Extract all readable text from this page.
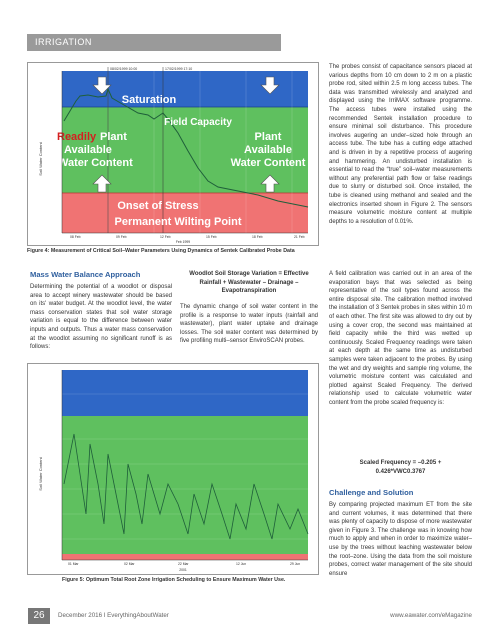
IRRIGATION
08/02/1999 10:00	17/02/1999 17:10
Saturation
Field Capacity
Readily Plant
Available
Water Content
Plant
Available
Water Content
Onset of Stress
Permanent Wilting Point
Soil Water Content
08 Feb	09 Feb	12 Feb	15 Feb	18 Feb	21 Feb
Feb 1999
Figure 4: Measurement of Critical Soil–Water Parameters Using Dynamics of Sentek Calibrated Probe Data
Mass Water Balance Approach
Determining the potential of a woodlot or disposal area to accept winery wastewater should be based on its' water budget. At the woodlot level, the water mass conservation states that soil water storage variation is equal to the difference between water inputs and outputs. Thus a water mass conservation at the woodlot assuming no significant runoff is as follows:
Woodlot Soil Storage Variation = Effective Rainfall + Wastewater – Drainage – Evapotranspiration
The dynamic change of soil water content in the profile is a response to water inputs (rainfall and wastewater), plant water uptake and drainage losses. The soil water content was determined by five profiling multi–sensor EnviroSCAN probes.
Soil Water Content
01 Mar	02 Mar	22 Mar	12 Jun	29 Jun
2001
Figure 5: Optimum Total Root Zone Irrigation Scheduling to Ensure Maximum Water Use.
The probes consist of capacitance sensors placed at various depths from 10 cm down to 2 m on a plastic probe rod, sited within 2.5 m long access tubes. The data was transmitted wirelessly and analyzed and displayed using the IrriMAX software programme. The access tubes were installed using the recommended Sentek installation procedure to ensure minimal soil disturbance. This procedure involves augering an under–sized hole through an access tube. The tube has a cutting edge attached and is driven in by a repetitive process of augering and hammering. An undisturbed installation is essential to read the “true” soil–water measurements without any preferential path flow or false readings due to slurry or disturbed soil. Once installed, the tube is cleaned using methanol and sealed and the electronics inserted shown in Figure 2. The sensors measure volumetric moisture content at multiple depths to a resolution of 0.01%.
A field calibration was carried out in an area of the evaporation bays that was selected as being representative of the soil types found across the entire disposal site. The calibration method involved the installation of 3 Sentek probes in sites within 10 m of each other. The first site was allowed to dry out by using a cover crop, the second was maintained at field capacity while the third was wetted up continuously. Scaled Frequency readings were taken at each depth at the same time as undisturbed samples were taken adjacent to the probes. By using the wet and dry weights and sample ring volume, the volumetric moisture content was calculated and plotted against Scaled Frequency. The derived relationship used to calculate volumetric water content from the probe scaled frequency is:
Scaled Frequency = –0.205 +
0.426*VWC0.3767
Challenge and Solution
By comparing projected maximum ET from the site and current volumes, it was determined that there was plenty of capacity to dispose of more wastewater given in Figure 3. The challenge was in knowing how much to apply and when in order to maximize water–use by the trees without leaching wastewater below the root–zone. Using the data from the soil moisture probes, correct water management of the site should ensure
26	December 2016 I EverythingAboutWater	www.eawater.com/eMagazine
